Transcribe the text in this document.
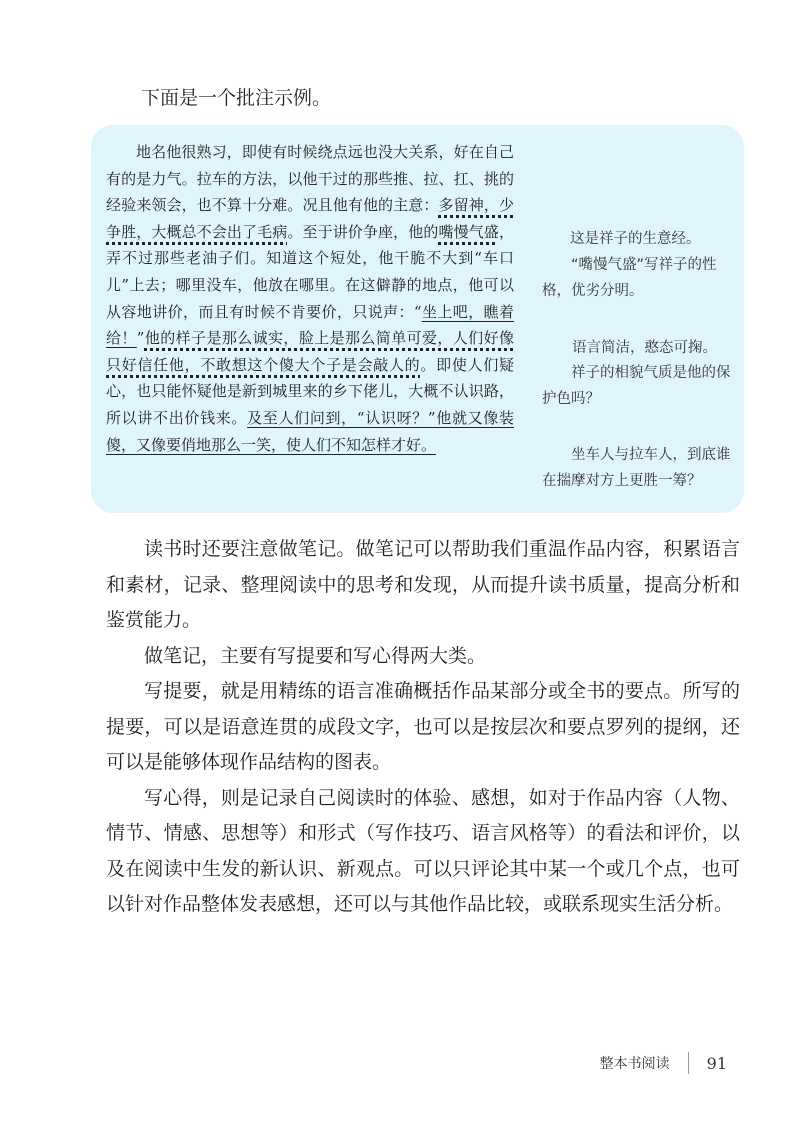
下面是一个批注示例。

地名他很熟习，即使有时候绕点远也没大关系，好在自己有的是力气。拉车的方法，以他干过的那些推、拉、扛、挑的经验来领会，也不算十分难。况且他有他的主意：多留神，少争胜，大概总不会出了毛病。至于讲价争座，他的嘴慢气盛，弄不过那些老油子们。知道这个短处，他干脆不大到“车口儿”上去；哪里没车，他放在哪里。在这僻静的地点，他可以从容地讲价，而且有时候不肯要价，只说声：“坐上吧，瞧着给！”他的样子是那么诚实，脸上是那么简单可爱，人们好像只好信任他，不敢想这个傻大个子是会敲人的。即使人们疑心，也只能怀疑他是新到城里来的乡下佬儿，大概不认识路，所以讲不出价钱来。及至人们问到，“认识呀？”他就又像装傻，又像要俏地那么一笑，使人们不知怎样才好。

这是祥子的生意经。

“嘴慢气盛”写祥子的性格，优劣分明。

语言简洁，憨态可掬。

祥子的相貌气质是他的保护色吗？

坐车人与拉车人，到底谁在揣摩对方上更胜一筹？

读书时还要注意做笔记。做笔记可以帮助我们重温作品内容，积累语言和素材，记录、整理阅读中的思考和发现，从而提升读书质量，提高分析和鉴赏能力。

做笔记，主要有写提要和写心得两大类。

写提要，就是用精练的语言准确概括作品某部分或全书的要点。所写的提要，可以是语意连贯的成段文字，也可以是按层次和要点罗列的提纲，还可以是能够体现作品结构的图表。

写心得，则是记录自己阅读时的体验、感想，如对于作品内容（人物、情节、情感、思想等）和形式（写作技巧、语言风格等）的看法和评价，以及在阅读中生发的新认识、新观点。可以只评论其中某一个或几个点，也可以针对作品整体发表感想，还可以与其他作品比较，或联系现实生活分析。

整本书阅读 91
